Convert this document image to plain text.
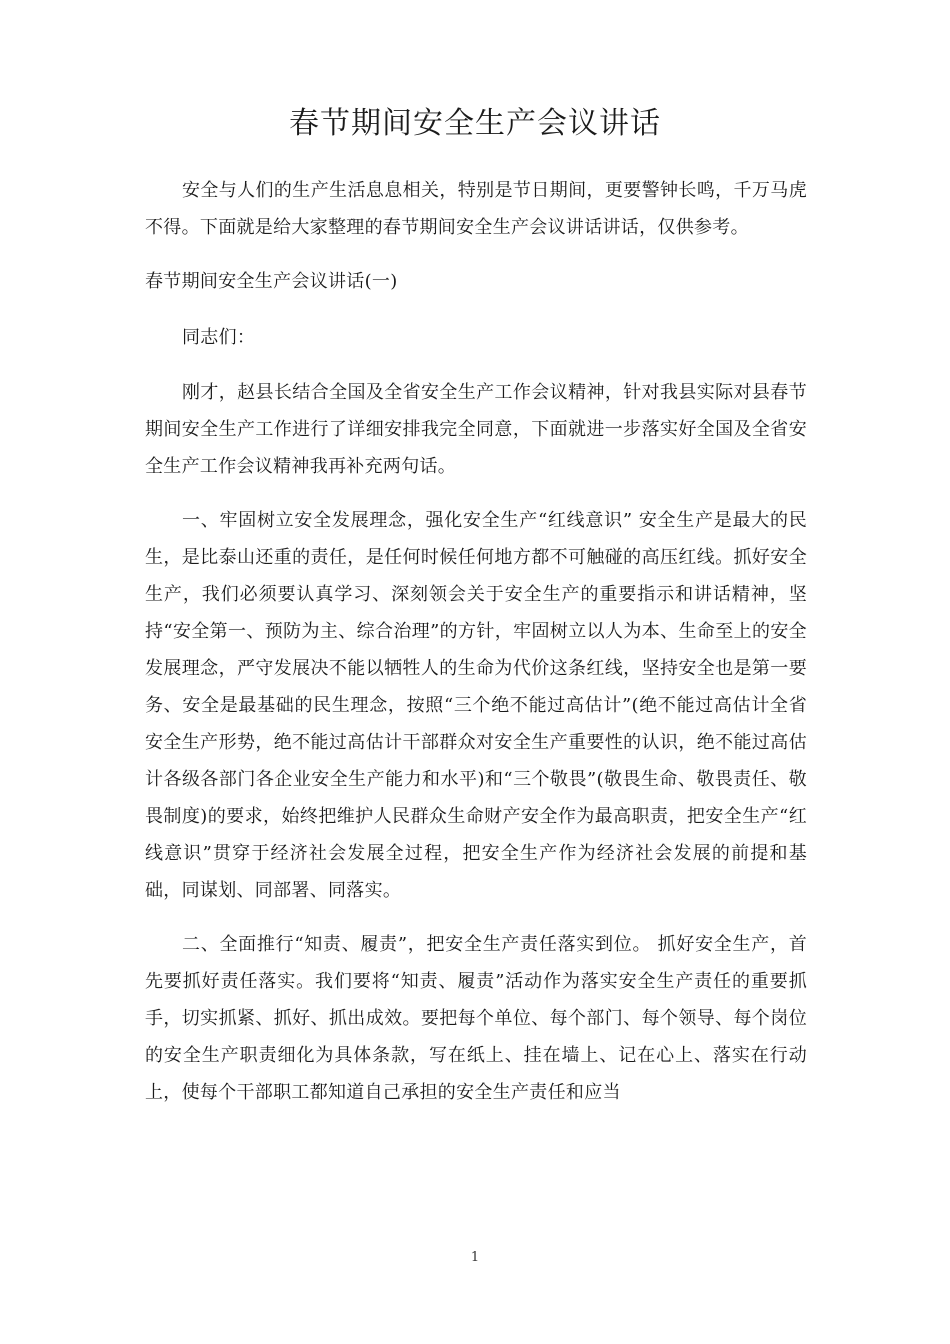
春节期间安全生产会议讲话

安全与人们的生产生活息息相关，特别是节日期间，更要警钟长鸣，千万马虎不得。下面就是给大家整理的春节期间安全生产会议讲话讲话，仅供参考。

春节期间安全生产会议讲话(一)

同志们：

刚才，赵县长结合全国及全省安全生产工作会议精神，针对我县实际对县春节期间安全生产工作进行了详细安排我完全同意，下面就进一步落实好全国及全省安全生产工作会议精神我再补充两句话。

一、牢固树立安全发展理念，强化安全生产“红线意识” 安全生产是最大的民生，是比泰山还重的责任，是任何时候任何地方都不可触碰的高压红线。抓好安全生产，我们必须要认真学习、深刻领会关于安全生产的重要指示和讲话精神，坚持“安全第一、预防为主、综合治理”的方针，牢固树立以人为本、生命至上的安全发展理念，严守发展决不能以牺牲人的生命为代价这条红线，坚持安全也是第一要务、安全是最基础的民生理念，按照“三个绝不能过高估计”(绝不能过高估计全省安全生产形势，绝不能过高估计干部群众对安全生产重要性的认识，绝不能过高估计各级各部门各企业安全生产能力和水平)和“三个敬畏”(敬畏生命、敬畏责任、敬畏制度)的要求，始终把维护人民群众生命财产安全作为最高职责，把安全生产“红线意识”贯穿于经济社会发展全过程，把安全生产作为经济社会发展的前提和基础，同谋划、同部署、同落实。

二、全面推行“知责、履责”，把安全生产责任落实到位。 抓好安全生产，首先要抓好责任落实。我们要将“知责、履责”活动作为落实安全生产责任的重要抓手，切实抓紧、抓好、抓出成效。要把每个单位、每个部门、每个领导、每个岗位的安全生产职责细化为具体条款，写在纸上、挂在墙上、记在心上、落实在行动上，使每个干部职工都知道自己承担的安全生产责任和应当

1
